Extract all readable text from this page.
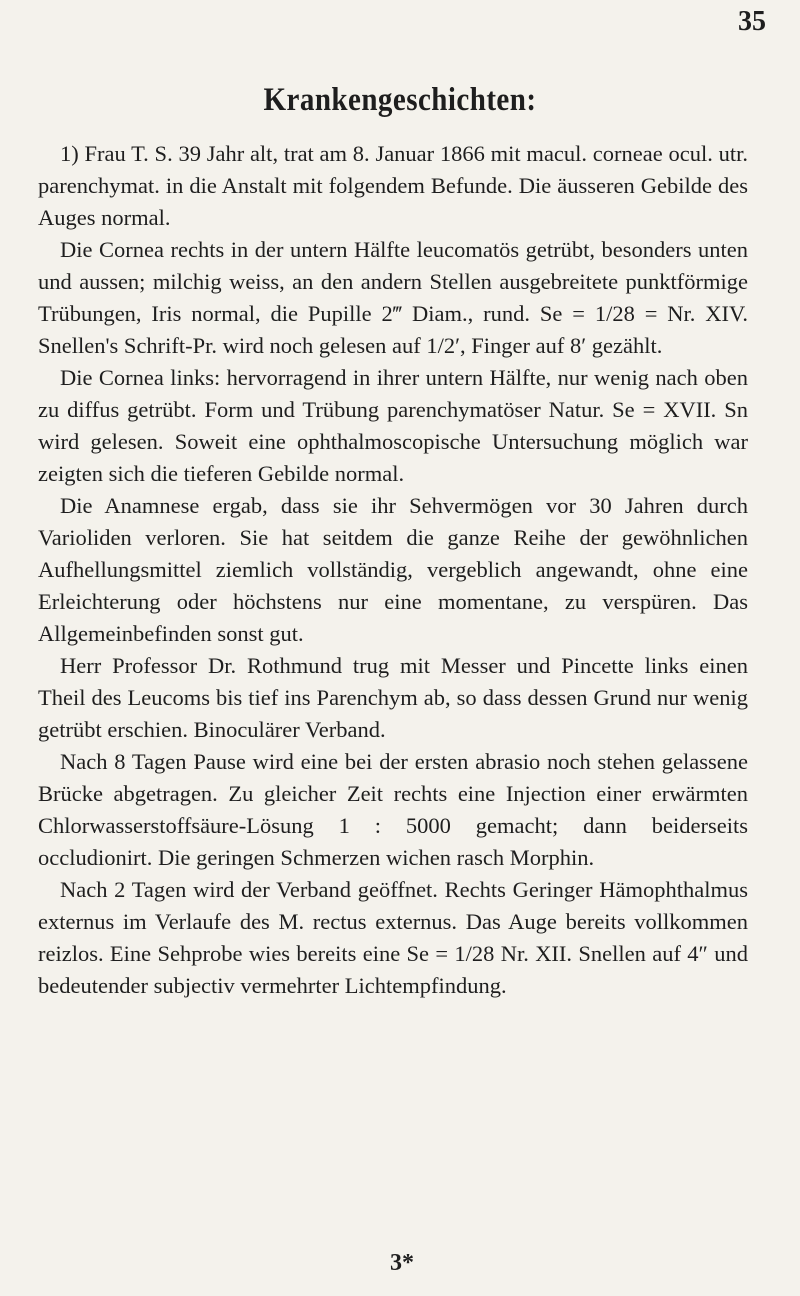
35
Krankengeschichten:

1) Frau T. S. 39 Jahr alt, trat am 8. Januar 1866 mit macul. corneae ocul. utr. parenchymat. in die Anstalt mit folgendem Befunde. Die äusseren Gebilde des Auges normal.

Die Cornea rechts in der untern Hälfte leucomatös getrübt, besonders unten und aussen; milchig weiss, an den andern Stellen ausgebreitete punktförmige Trübungen, Iris normal, die Pupille 2‴ Diam., rund. Se = 1/28 = Nr. XIV. Snellen's Schrift-Pr. wird noch gelesen auf 1/2′, Finger auf 8′ gezählt.

Die Cornea links: hervorragend in ihrer untern Hälfte, nur wenig nach oben zu diffus getrübt. Form und Trübung parenchymatöser Natur. Se = XVII. Sn wird gelesen. Soweit eine ophthalmoscopische Untersuchung möglich war zeigten sich die tieferen Gebilde normal.

Die Anamnese ergab, dass sie ihr Sehvermögen vor 30 Jahren durch Varioliden verloren. Sie hat seitdem die ganze Reihe der gewöhnlichen Aufhellungsmittel ziemlich vollständig, vergeblich angewandt, ohne eine Erleichterung oder höchstens nur eine momentane, zu verspüren. Das Allgemeinbefinden sonst gut.

Herr Professor Dr. Rothmund trug mit Messer und Pincette links einen Theil des Leucoms bis tief ins Parenchym ab, so dass dessen Grund nur wenig getrübt erschien. Binoculärer Verband.

Nach 8 Tagen Pause wird eine bei der ersten abrasio noch stehen gelassene Brücke abgetragen. Zu gleicher Zeit rechts eine Injection einer erwärmten Chlorwasserstoffsäure-Lösung 1 : 5000 gemacht; dann beiderseits occludionirt. Die geringen Schmerzen wichen rasch Morphin.

Nach 2 Tagen wird der Verband geöffnet. Rechts Geringer Hämophthalmus externus im Verlaufe des M. rectus externus. Das Auge bereits vollkommen reizlos. Eine Sehprobe wies bereits eine Se = 1/28 Nr. XII. Snellen auf 4″ und bedeutender subjectiv vermehrter Lichtempfindung.

3*
